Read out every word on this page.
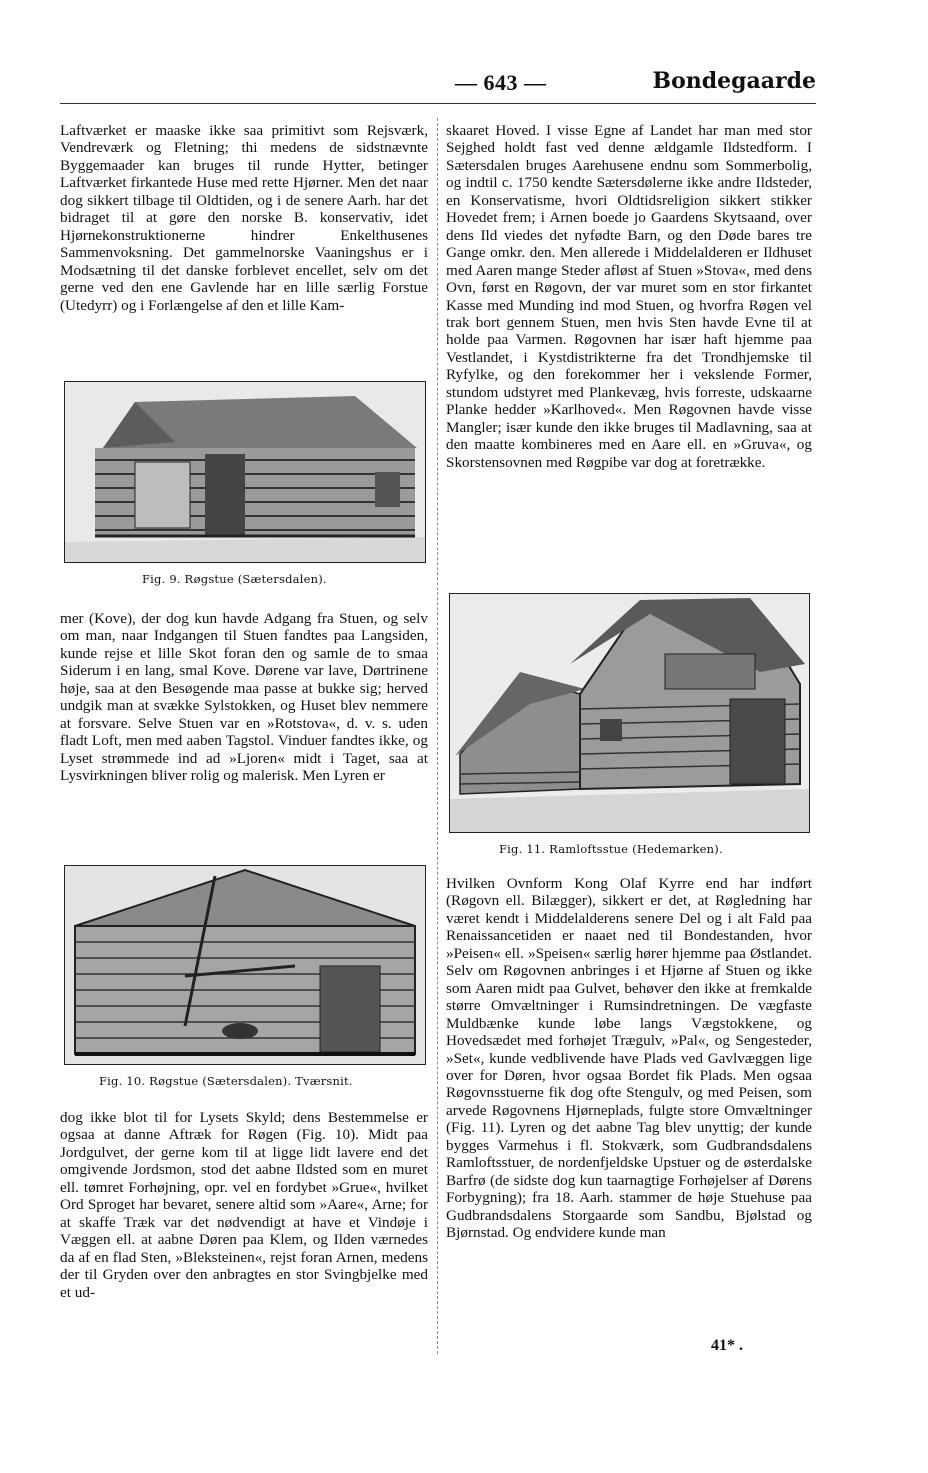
— 643 —	Bondegaarde

Laftværket er maaske ikke saa primitivt som Rejsværk, Vendreværk og Fletning; thi medens de sidstnævnte Byggemaader kan bruges til runde Hytter, betinger Laftværket firkantede Huse med rette Hjørner. Men det naar dog sikkert tilbage til Oldtiden, og i de senere Aarh. har det bidraget til at gøre den norske B. konservativ, idet Hjørnekonstruktionerne hindrer Enkelthusenes Sammenvoksning. Det gammelnorske Vaaningshus er i Modsætning til det danske forblevet encellet, selv om det gerne ved den ene Gavlende har en lille særlig Forstue (Utedyrr) og i Forlængelse af den et lille Kam-

Fig. 9. Røgstue (Sætersdalen).

mer (Kove), der dog kun havde Adgang fra Stuen, og selv om man, naar Indgangen til Stuen fandtes paa Langsiden, kunde rejse et lille Skot foran den og samle de to smaa Siderum i en lang, smal Kove. Dørene var lave, Dørtrinene høje, saa at den Besøgende maa passe at bukke sig; herved undgik man at svække Sylstokken, og Huset blev nemmere at forsvare. Selve Stuen var en »Rotstova«, d. v. s. uden fladt Loft, men med aaben Tagstol. Vinduer fandtes ikke, og Lyset strømmede ind ad »Ljoren« midt i Taget, saa at Lysvirkningen bliver rolig og malerisk. Men Lyren er

Fig. 10. Røgstue (Sætersdalen). Tværsnit.

dog ikke blot til for Lysets Skyld; dens Bestemmelse er ogsaa at danne Aftræk for Røgen (Fig. 10). Midt paa Jordgulvet, der gerne kom til at ligge lidt lavere end det omgivende Jordsmon, stod det aabne Ildsted som en muret ell. tømret Forhøjning, opr. vel en fordybet »Grue«, hvilket Ord Sproget har bevaret, senere altid som »Aare«, Arne; for at skaffe Træk var det nødvendigt at have et Vindøje i Væggen ell. at aabne Døren paa Klem, og Ilden værnedes da af en flad Sten, »Bleksteinen«, rejst foran Arnen, medens der til Gryden over den anbragtes en stor Svingbjelke med et ud-

skaaret Hoved. I visse Egne af Landet har man med stor Sejghed holdt fast ved denne ældgamle Ildstedform. I Sætersdalen bruges Aarehusene endnu som Sommerbolig, og indtil c. 1750 kendte Sætersdølerne ikke andre Ildsteder, en Konservatisme, hvori Oldtidsreligion sikkert stikker Hovedet frem; i Arnen boede jo Gaardens Skytsaand, over dens Ild viedes det nyfødte Barn, og den Døde bares tre Gange omkr. den. Men allerede i Middelalderen er Ildhuset med Aaren mange Steder afløst af Stuen »Stova«, med dens Ovn, først en Røgovn, der var muret som en stor firkantet Kasse med Munding ind mod Stuen, og hvorfra Røgen vel trak bort gennem Stuen, men hvis Sten havde Evne til at holde paa Varmen. Røgovnen har især haft hjemme paa Vestlandet, i Kystdistrikterne fra det Trondhjemske til Ryfylke, og den forekommer her i vekslende Former, stundom udstyret med Plankevæg, hvis forreste, udskaarne Planke hedder »Karlhoved«. Men Røgovnen havde visse Mangler; især kunde den ikke bruges til Madlavning, saa at den maatte kombineres med en Aare ell. en »Gruva«, og Skorstensovnen med Røgpibe var dog at foretrække.

Fig. 11. Ramloftsstue (Hedemarken).

Hvilken Ovnform Kong Olaf Kyrre end har indført (Røgovn ell. Bilægger), sikkert er det, at Røgledning har været kendt i Middelalderens senere Del og i alt Fald paa Renaissancetiden er naaet ned til Bondestanden, hvor »Peisen« ell. »Speisen« særlig hører hjemme paa Østlandet. Selv om Røgovnen anbringes i et Hjørne af Stuen og ikke som Aaren midt paa Gulvet, behøver den ikke at fremkalde større Omvæltninger i Rumsindretningen. De vægfaste Muldbænke kunde løbe langs Vægstokkene, og Hovedsædet med forhøjet Trægulv, »Pal«, og Sengesteder, »Set«, kunde vedblivende have Plads ved Gavlvæggen lige over for Døren, hvor ogsaa Bordet fik Plads. Men ogsaa Røgovnsstuerne fik dog ofte Stengulv, og med Peisen, som arvede Røgovnens Hjørneplads, fulgte store Omvæltninger (Fig. 11). Lyren og det aabne Tag blev unyttig; der kunde bygges Varmehus i fl. Stokværk, som Gudbrandsdalens Ramloftsstuer, de nordenfjeldske Upstuer og de østerdalske Barfrø (de sidste dog kun taarnagtige Forhøjelser af Dørens Forbygning); fra 18. Aarh. stammer de høje Stuehuse paa Gudbrandsdalens Storgaarde som Sandbu, Bjølstad og Bjørnstad. Og endvidere kunde man

41* .
